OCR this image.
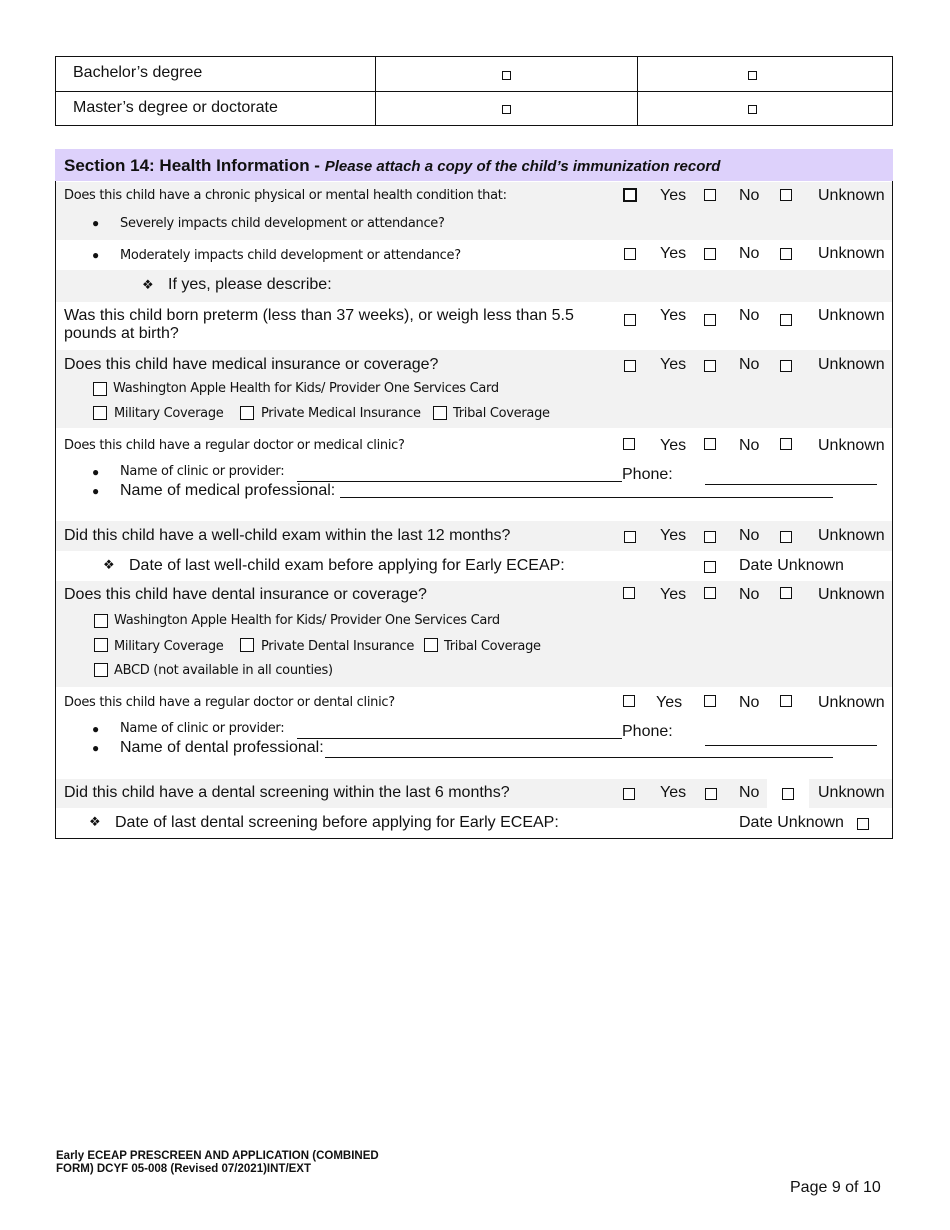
Bachelor’s degree
Master’s degree or doctorate
Section 14: Health Information - Please attach a copy of the child’s immunization record
Does this child have a chronic physical or mental health condition that:	Yes	No	Unknown
● Severely impacts child development or attendance?
● Moderately impacts child development or attendance?	Yes	No	Unknown
❖ If yes, please describe:
Was this child born preterm (less than 37 weeks), or weigh less than 5.5
pounds at birth?
Yes	No	Unknown
Does this child have medical insurance or coverage?	Yes	No	Unknown
Washington Apple Health for Kids/ Provider One Services Card
Military Coverage	Private Medical Insurance Tribal Coverage
Does this child have a regular doctor or medical clinic?	Yes	No	Unknown
● Name of clinic or provider:	Phone:
● Name of medical professional:
Did this child have a well-child exam within the last 12 months?	Yes	No	Unknown
❖ Date of last well-child exam before applying for Early ECEAP:	Date Unknown
Does this child have dental insurance or coverage?	Yes	No	Unknown
Washington Apple Health for Kids/ Provider One Services Card
Military Coverage	Private Dental Insurance Tribal Coverage
ABCD (not available in all counties)
Does this child have a regular doctor or dental clinic?	Yes	No	Unknown
● Name of clinic or provider:	Phone:
● Name of dental professional:
Did this child have a dental screening within the last 6 months?	Yes	No	Unknown
❖ Date of last dental screening before applying for Early ECEAP:	Date Unknown
Early ECEAP PRESCREEN AND APPLICATION (COMBINED
FORM) DCYF 05-008 (Revised 07/2021)INT/EXT
Page 9 of 10
